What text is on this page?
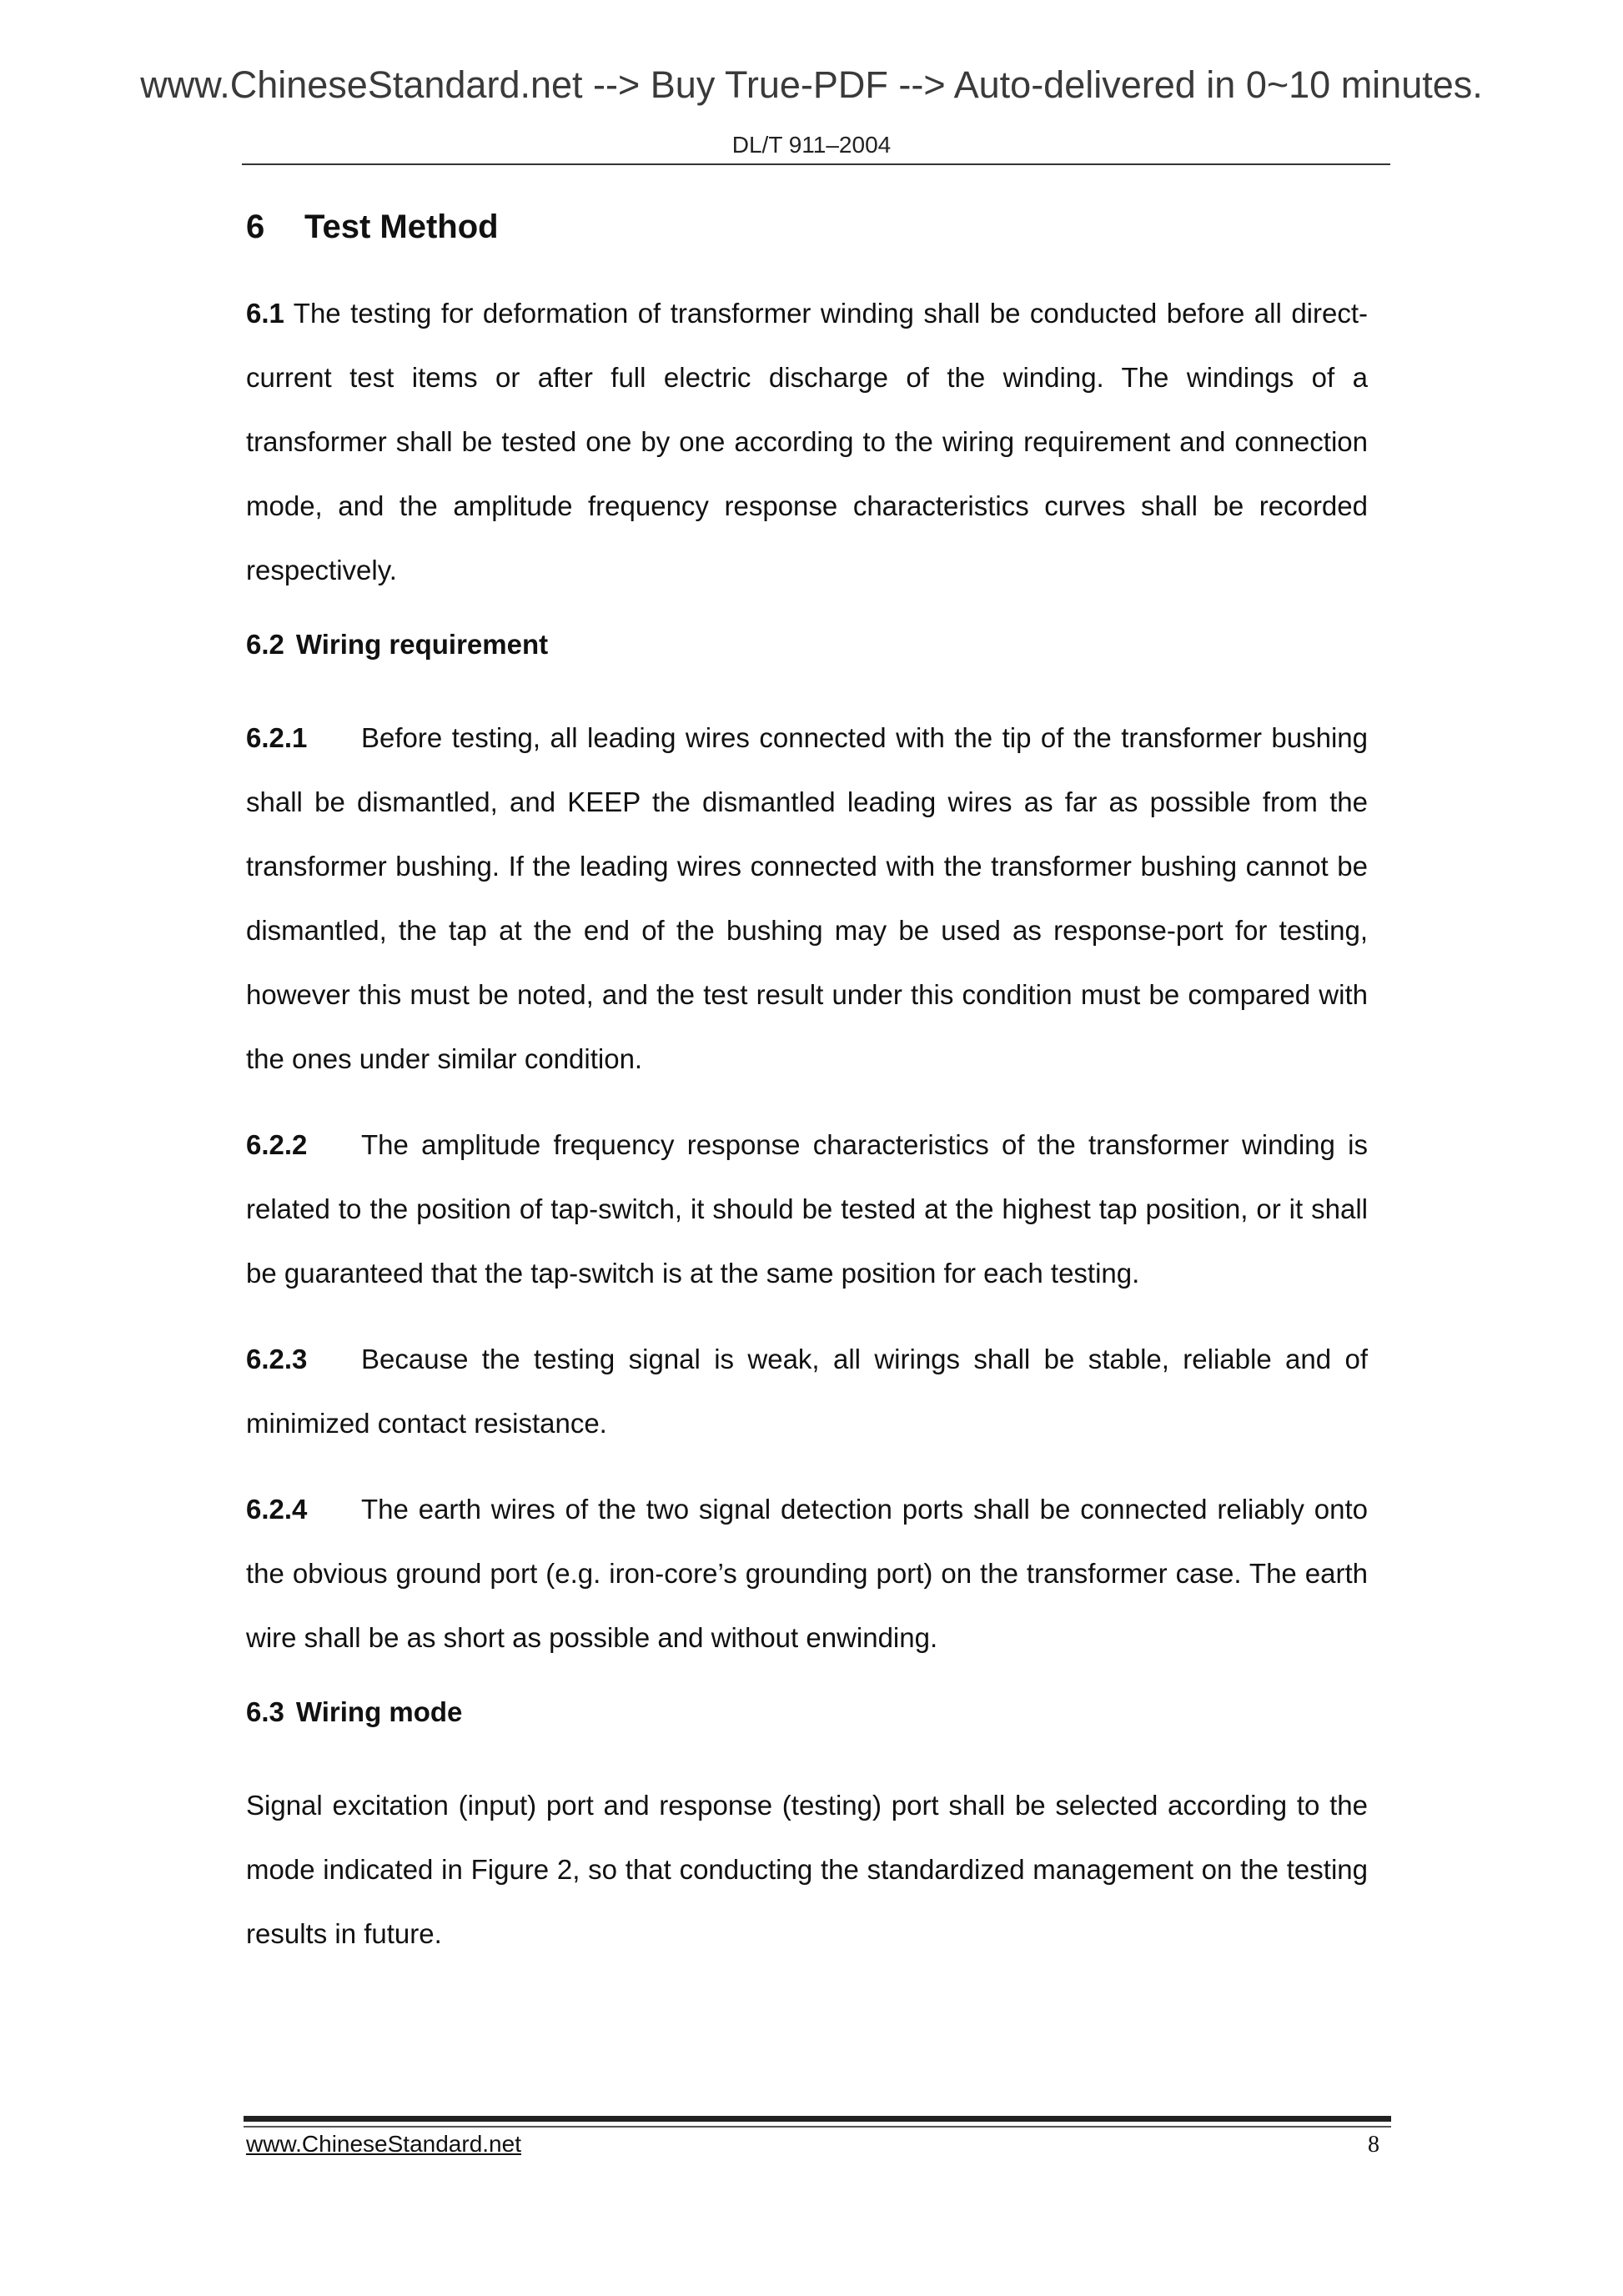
www.ChineseStandard.net --> Buy True-PDF --> Auto-delivered in 0~10 minutes.
DL/T 911–2004
6 Test Method

6.1 The testing for deformation of transformer winding shall be conducted before all direct-current test items or after full electric discharge of the winding. The windings of a transformer shall be tested one by one according to the wiring requirement and connection mode, and the amplitude frequency response characteristics curves shall be recorded respectively.

6.2 Wiring requirement

6.2.1 Before testing, all leading wires connected with the tip of the transformer bushing shall be dismantled, and KEEP the dismantled leading wires as far as possible from the transformer bushing. If the leading wires connected with the transformer bushing cannot be dismantled, the tap at the end of the bushing may be used as response-port for testing, however this must be noted, and the test result under this condition must be compared with the ones under similar condition.

6.2.2 The amplitude frequency response characteristics of the transformer winding is related to the position of tap-switch, it should be tested at the highest tap position, or it shall be guaranteed that the tap-switch is at the same position for each testing.

6.2.3 Because the testing signal is weak, all wirings shall be stable, reliable and of minimized contact resistance.

6.2.4 The earth wires of the two signal detection ports shall be connected reliably onto the obvious ground port (e.g. iron-core’s grounding port) on the transformer case. The earth wire shall be as short as possible and without enwinding.

6.3 Wiring mode

Signal excitation (input) port and response (testing) port shall be selected according to the mode indicated in Figure 2, so that conducting the standardized management on the testing results in future.

www.ChineseStandard.net	8
